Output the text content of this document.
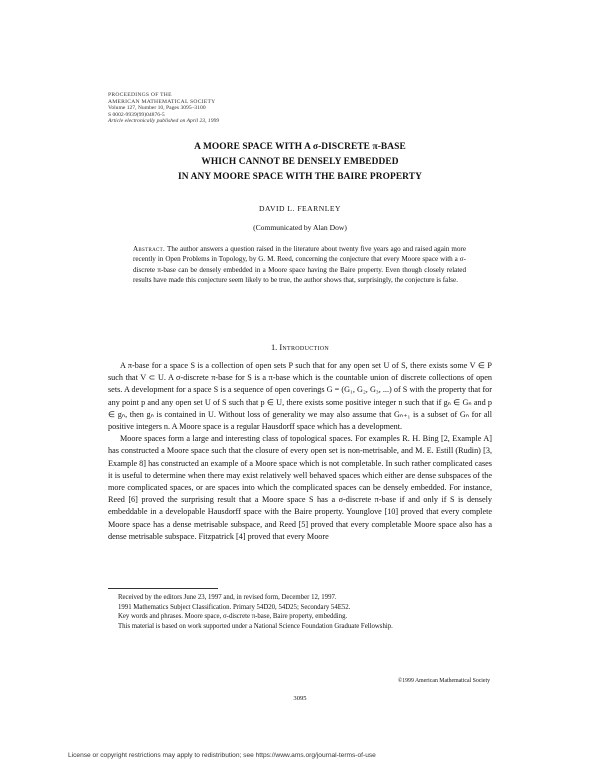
PROCEEDINGS OF THE
AMERICAN MATHEMATICAL SOCIETY
Volume 127, Number 10, Pages 3095–3100
S 0002-9939(99)04876-5
Article electronically published on April 23, 1999
A MOORE SPACE WITH A σ-DISCRETE π-BASE
WHICH CANNOT BE DENSELY EMBEDDED
IN ANY MOORE SPACE WITH THE BAIRE PROPERTY
DAVID L. FEARNLEY
(Communicated by Alan Dow)
Abstract. The author answers a question raised in the literature about twenty five years ago and raised again more recently in Open Problems in Topology, by G. M. Reed, concerning the conjecture that every Moore space with a σ-discrete π-base can be densely embedded in a Moore space having the Baire property. Even though closely related results have made this conjecture seem likely to be true, the author shows that, surprisingly, the conjecture is false.
1. Introduction

A π-base for a space S is a collection of open sets P such that for any open set U of S, there exists some V ∈ P such that V ⊂ U. A σ-discrete π-base for S is a π-base which is the countable union of discrete collections of open sets. A development for a space S is a sequence of open coverings G = (G₁, G₂, G₃, ...) of S with the property that for any point p and any open set U of S such that p ∈ U, there exists some positive integer n such that if gₙ ∈ Gₙ and p ∈ gₙ, then gₙ is contained in U. Without loss of generality we may also assume that Gₙ₊₁ is a subset of Gₙ for all positive integers n. A Moore space is a regular Hausdorff space which has a development.

Moore spaces form a large and interesting class of topological spaces. For examples R. H. Bing [2, Example A] has constructed a Moore space such that the closure of every open set is non-metrisable, and M. E. Estill (Rudin) [3, Example 8] has constructed an example of a Moore space which is not completable. In such rather complicated cases it is useful to determine when there may exist relatively well behaved spaces which either are dense subspaces of the more complicated spaces, or are spaces into which the complicated spaces can be densely embedded. For instance, Reed [6] proved the surprising result that a Moore space S has a σ-discrete π-base if and only if S is densely embeddable in a developable Hausdorff space with the Baire property. Younglove [10] proved that every complete Moore space has a dense metrisable subspace, and Reed [5] proved that every completable Moore space also has a dense metrisable subspace. Fitzpatrick [4] proved that every Moore

Received by the editors June 23, 1997 and, in revised form, December 12, 1997.

1991 Mathematics Subject Classification. Primary 54D20, 54D25; Secondary 54E52.

Key words and phrases. Moore space, σ-discrete π-base, Baire property, embedding.

This material is based on work supported under a National Science Foundation Graduate Fellowship.

©1999 American Mathematical Society
3095
License or copyright restrictions may apply to redistribution; see https://www.ams.org/journal-terms-of-use
